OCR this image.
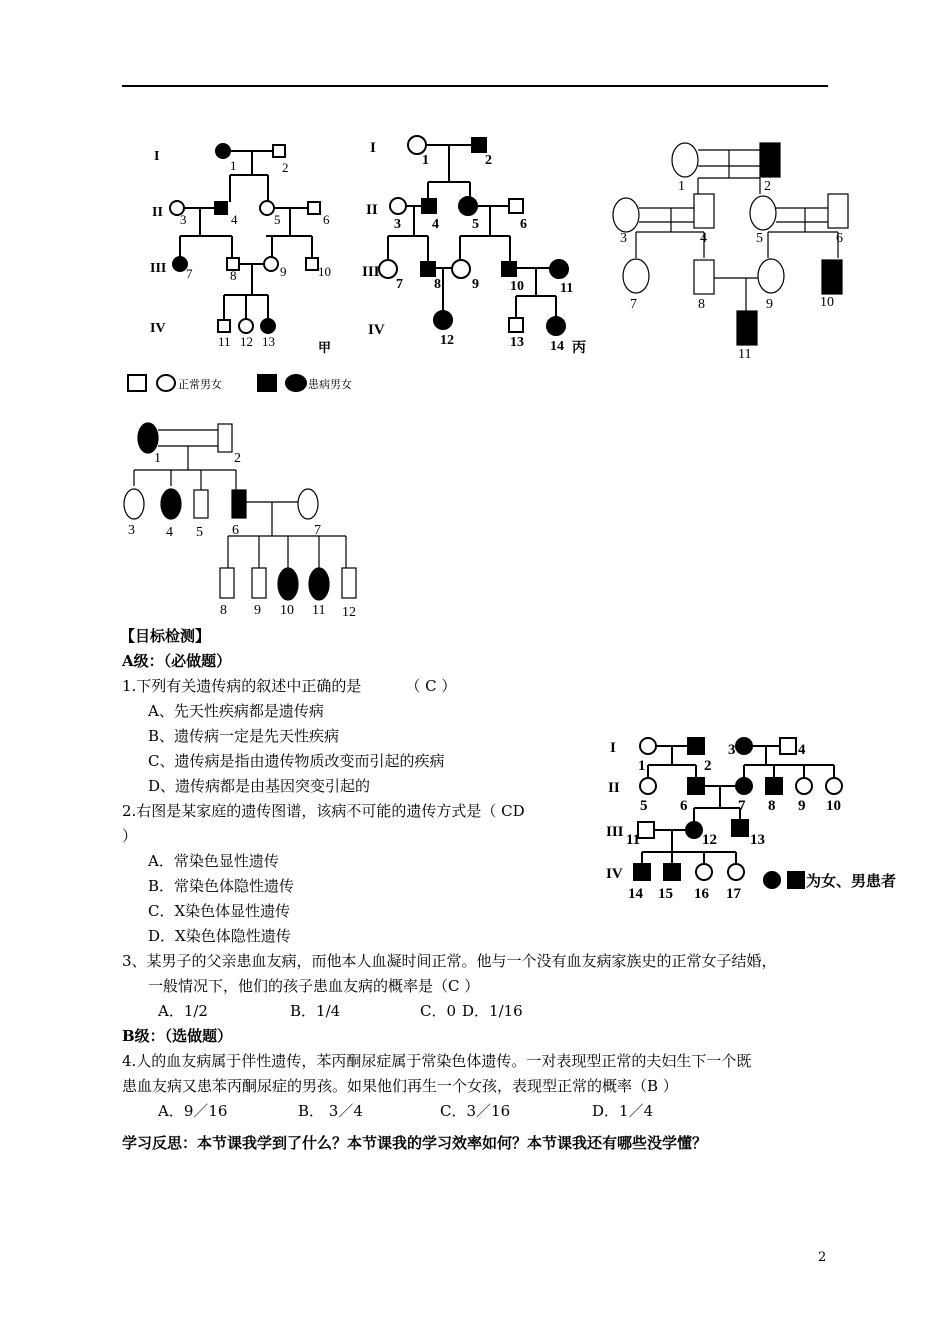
I
II
III
IV
1	2
3	4	5	6
7	8	9 10
11 12 13	甲
I
II
III
IV
1	2
3 4 5	6
7 8 9 10	11
12	13 14 丙
正常男女	患病男女
1	2
3	4	5	6
7	8	9	10
11
1	2
3 4 5 6	7
8 9 10 11 12
I
II
III
IV
1	2
3	4
5 6	7 8 9 10
11	12 13
14 15 16 17
为女、男患者
【目标检测】
A级：（必做题）
1.下列有关遗传病的叙述中正确的是	（ C ）
A、先天性疾病都是遗传病
B、遗传病一定是先天性疾病
C、遗传病是指由遗传物质改变而引起的疾病
D、遗传病都是由基因突变引起的
2.右图是某家庭的遗传图谱，该病不可能的遗传方式是（ CD
）
A．常染色显性遗传
B．常染色体隐性遗传
C．X染色体显性遗传
D．X染色体隐性遗传
3、某男子的父亲患血友病，而他本人血凝时间正常。他与一个没有血友病家族史的正常女子结婚，
一般情况下，他们的孩子患血友病的概率是（C ）
A．1/2	B．1/4	C．0 D．1/16
B级：（选做题）
4.人的血友病属于伴性遗传，苯丙酮尿症属于常染色体遗传。一对表现型正常的夫妇生下一个既
患血友病又患苯丙酮尿症的男孩。如果他们再生一个女孩，表现型正常的概率（B ）
A．9／16	B． 3／4	C．3／16	D．1／4
学习反思：本节课我学到了什么？本节课我的学习效率如何？本节课我还有哪些没学懂？
2
